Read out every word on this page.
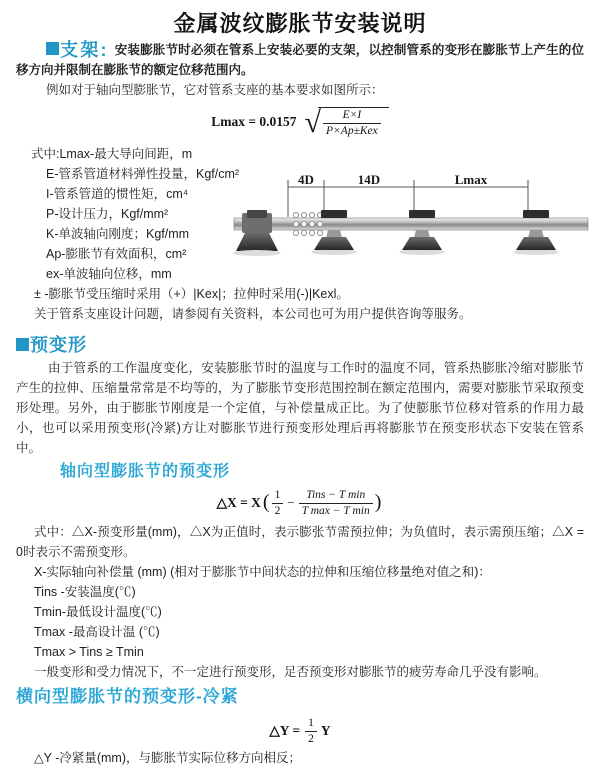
金属波纹膨胀节安装说明

支架: 安装膨胀节时必须在管系上安装必要的支架，以控制管系的变形在膨胀节上产生的位移方向并限制在膨胀节的额定位移范围内。

例如对于轴向型膨胀节，它对管系支座的基本要求如图所示：

Lmax = 0.0157 √ $\frac{E\times I}{\text{P×Ap±Kex}}$

式中:Lmax-最大导向间距，m

E-管系管道材料弹性投量，Kgf/cm²
I-管系管道的惯性矩，cm⁴
P-设计压力，Kgf/mm²
K-单波轴向刚度；Kgf/mm
Ap-膨胀节有效面积，cm²
ex-单波轴向位移，mm
4D	14D	Lmax

± -膨胀节受压缩时采用（+）|Kex|；拉伸时采用(-)|Kexl。

关于管系支座设计问题，请参阅有关资料，本公司也可为用户提供咨询等服务。

预变形

由于管系的工作温度变化，安装膨胀节时的温度与工作时的温度不同，管系热膨胀冷缩对膨胀节产生的拉伸、压缩量常常是不均等的，为了膨胀节变形范围控制在额定范围内，需要对膨胀节采取预变形处理。另外，由于膨胀节刚度是一个定值，与补偿量成正比。为了使膨胀节位移对管系的作用力最小，也可以采用预变形(冷紧)方让对膨胀节进行预变形处理后再将膨胀节在预变形状态下安装在管系中。

轴向型膨胀节的预变形
△X = X ( $\frac{1}{2} - \frac{\text{Tins − T min}}{\text{T max − T min}}$ )

式中：△X-预变形量(mm)，△X为正值时，表示膨张节需预拉伸；为负值时，表示需预压缩；△X = 0时表示不需预变形。

X-实际轴向补偿量 (mm) (相对于膨胀节中间状态的拉伸和压缩位移量绝对值之和)：

Tins -安装温度(℃)

Tmin-最低设计温度(℃)

Tmax -最高设计温 (℃)

Tmax > Tins ≥ Tmin

一般变形和受力情况下，不一定进行预变形，足否预变形对膨胀节的疲劳寿命几乎没有影响。

横向型膨胀节的预变形-冷紧
△Y = $\frac{1}{2}$ Y

△Y -冷紧量(mm)，与膨胀节实际位移方向相反；
